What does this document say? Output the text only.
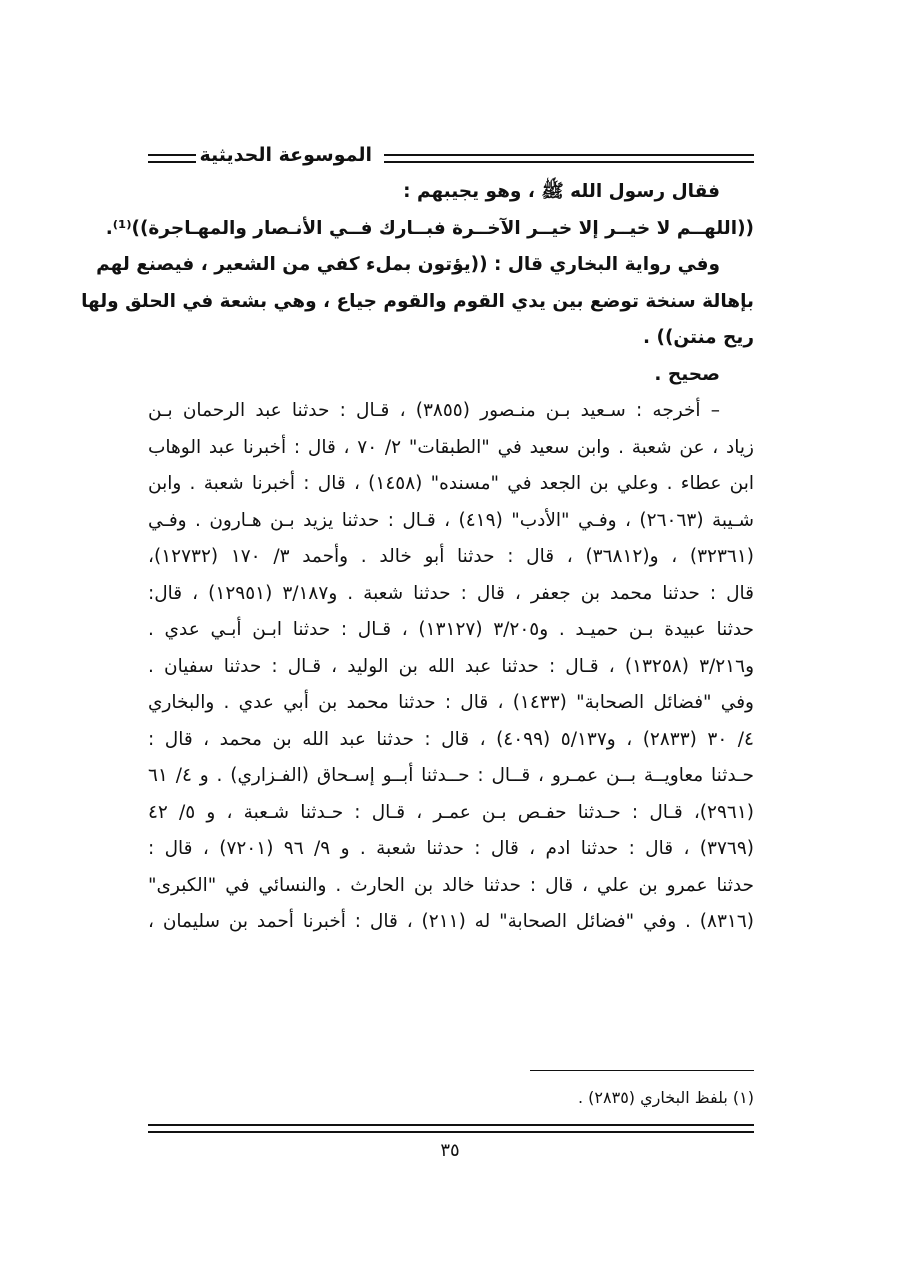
الموسوعة الحديثية
فقال رسول الله ﷺ ، وهو يجيبهم :
((اللهــم لا خيــر إلا خيــر الآخــرة فبــارك فــي الأنـصار والمهـاجرة))⁽¹⁾.
وفي رواية البخاري قال : ((يؤتون بملء كفي من الشعير ، فيصنع لهم
بإهالة سنخة توضع بين يدي القوم والقوم جياع ، وهي بشعة في الحلق ولها
ريح منتن)) .
صحيح .
– أخرجه : سـعيد بـن منـصور (٣٨٥٥) ، قـال : حدثنا عبد الرحمان بـن
زياد ، عن شعبة . وابن سعيد في "الطبقات" ٢/ ٧٠ ، قال : أخبرنا عبد الوهاب
ابن عطاء . وعلي بن الجعد في "مسنده" (١٤٥٨) ، قال : أخبرنا شعبة . وابن
شـيبة (٢٦٠٦٣) ، وفـي "الأدب" (٤١٩) ، قـال : حدثنا يزيد بـن هـارون . وفـي
(٣٢٣٦١) ، و(٣٦٨١٢) ، قال : حدثنا أبو خالد . وأحمد ٣/ ١٧٠ (١٢٧٣٢)،
قال : حدثنا محمد بن جعفر ، قال : حدثنا شعبة . و٣/١٨٧ (١٢٩٥١) ، قال:
حدثنا عبيدة بـن حميـد . و٣/٢٠٥ (١٣١٢٧) ، قـال : حدثنا ابـن أبـي عدي .
و٣/٢١٦ (١٣٢٥٨) ، قـال : حدثنا عبد الله بن الوليد ، قـال : حدثنا سفيان .
وفي "فضائل الصحابة" (١٤٣٣) ، قال : حدثنا محمد بن أبي عدي . والبخاري
٤/ ٣٠ (٢٨٣٣) ، و٥/١٣٧ (٤٠٩٩) ، قال : حدثنا عبد الله بن محمد ، قال :
حـدثنا معاويــة بــن عمـرو ، قــال : حــدثنا أبــو إسـحاق (الفـزاري) . و ٤/ ٦١
(٢٩٦١)، قـال : حـدثنا حفـص بـن عمـر ، قـال : حـدثنا شـعبة ، و ٥/ ٤٢
(٣٧٦٩) ، قال : حدثنا ادم ، قال : حدثنا شعبة . و ٩/ ٩٦ (٧٢٠١) ، قال :
حدثنا عمرو بن علي ، قال : حدثنا خالد بن الحارث . والنسائي في "الكبرى"
(٨٣١٦) . وفي "فضائل الصحابة" له (٢١١) ، قال : أخبرنا أحمد بن سليمان ،
(١) بلفظ البخاري (٢٨٣٥) .
٣٥
